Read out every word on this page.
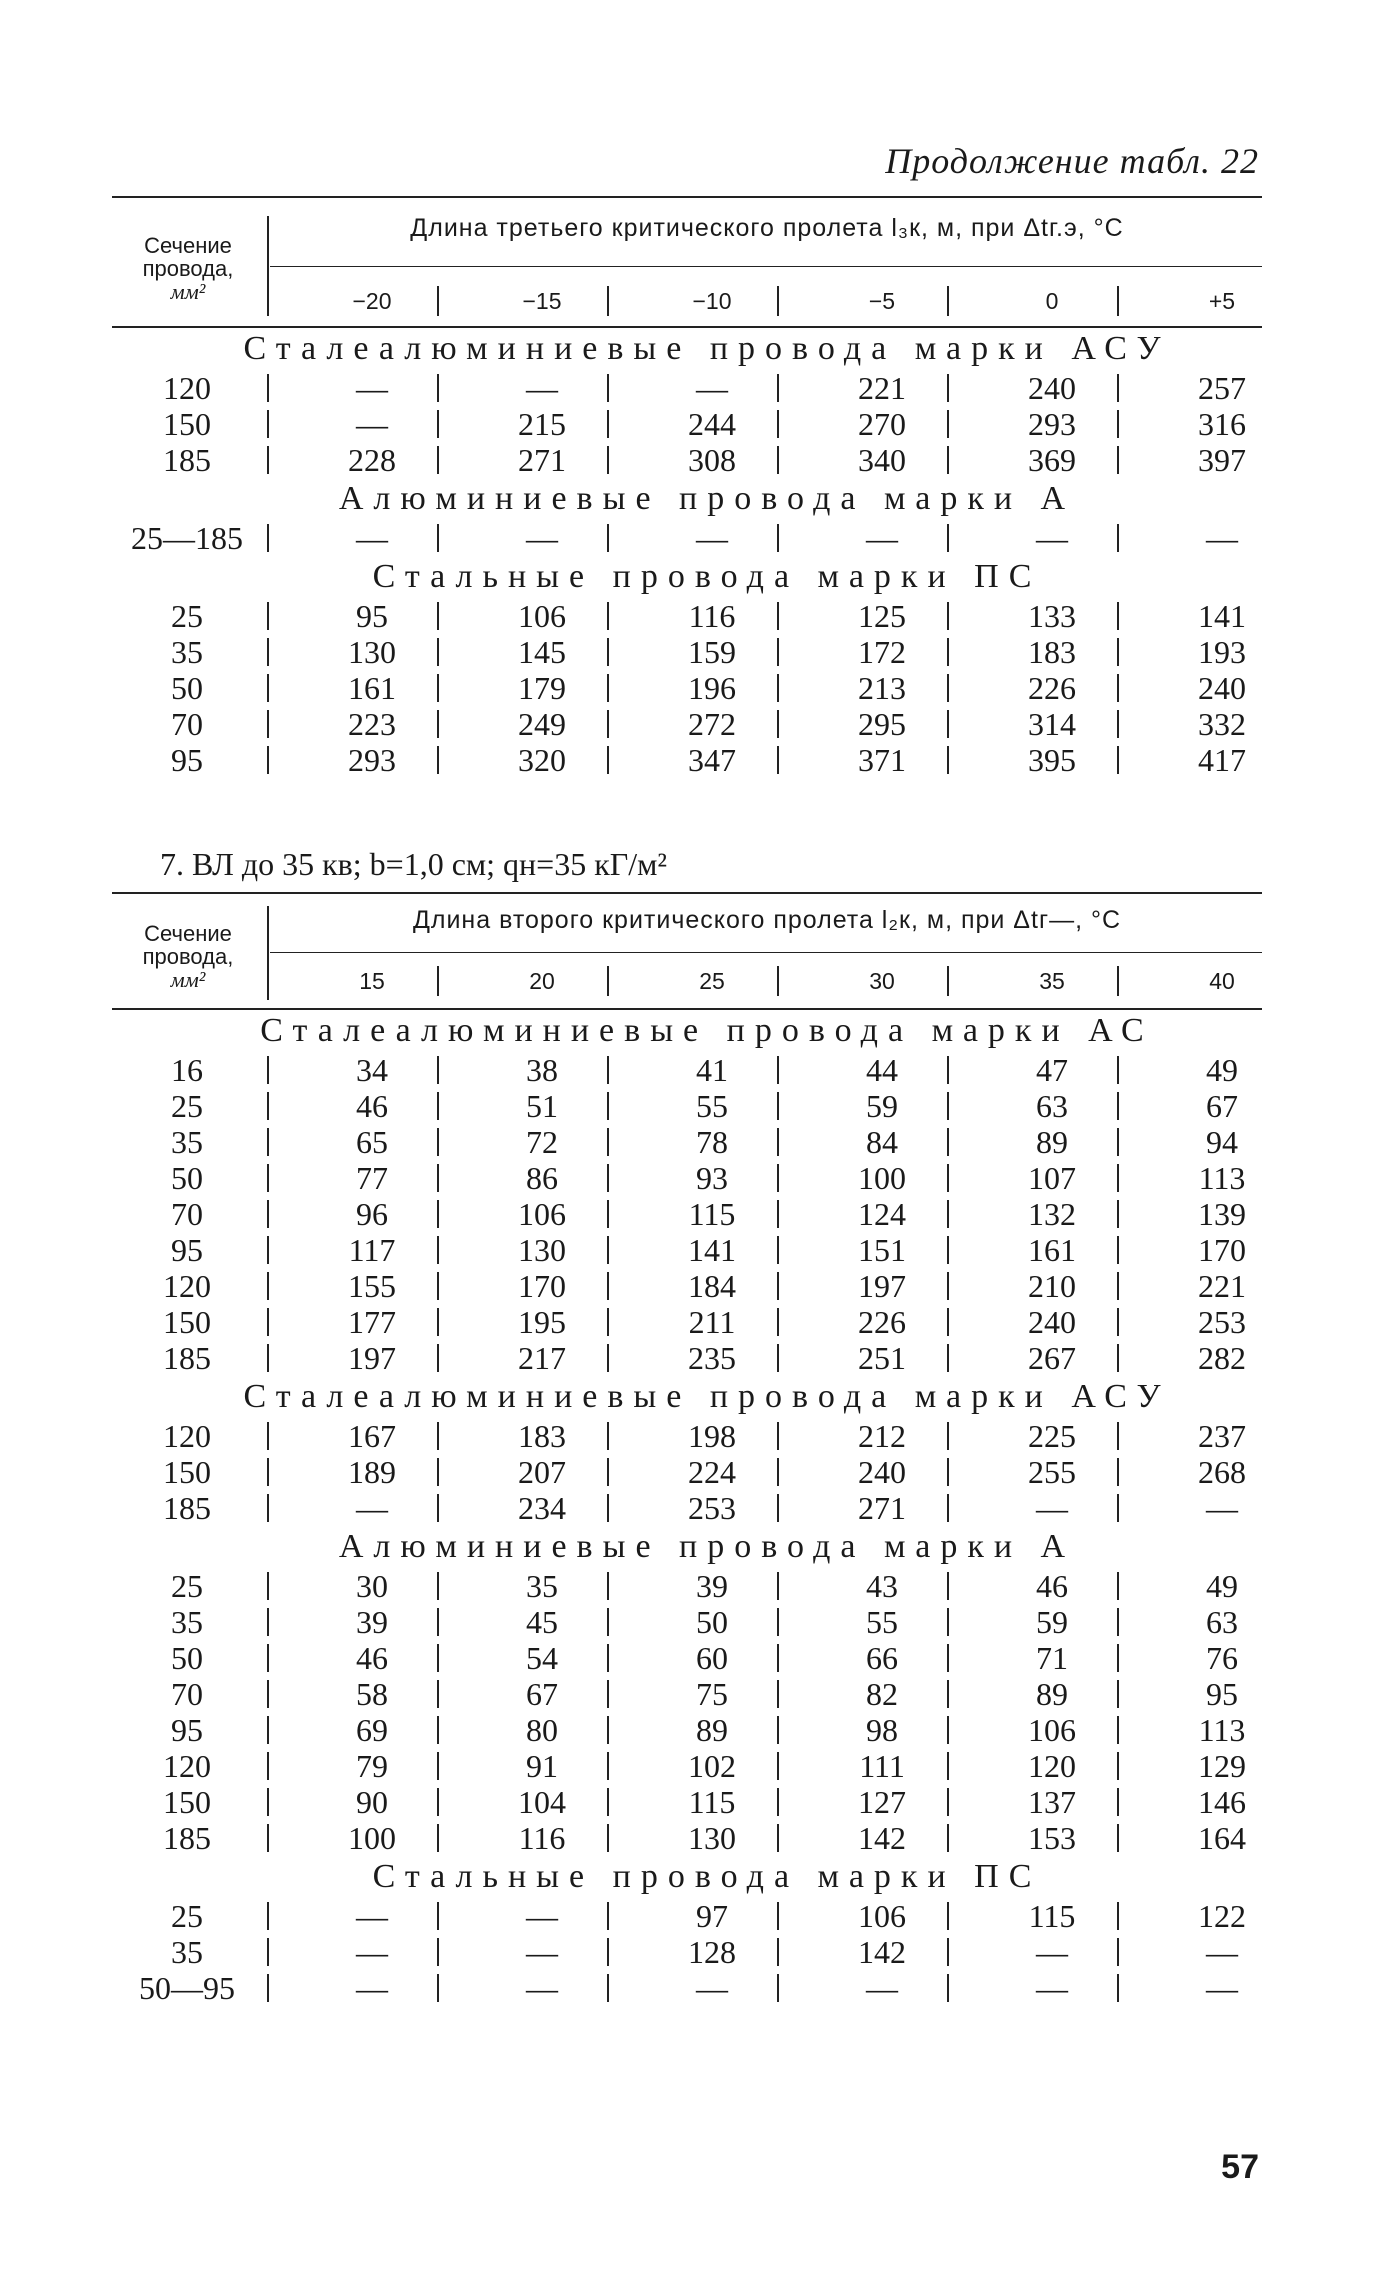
Продолжение табл. 22
Сечение
провода,
мм²
Длина третьего критического пролета l₃к, м, при Δtг.э, °С
−20	−15	−10	−5	0	+5
Сталеалюминиевые провода марки АСУ
120	—	—	—	221	240	257
150	—	215	244	270	293	316
185	228	271	308	340	369	397
Алюминиевые провода марки А
25—185	—	—	—	—	—	—
Стальные провода марки ПС
25	95	106	116	125	133	141
35	130	145	159	172	183	193
50	161	179	196	213	226	240
70	223	249	272	295	314	332
95	293	320	347	371	395	417
7. ВЛ до 35 кв; b=1,0 см; qн=35 кГ/м²
Сечение
провода,
мм²
Длина второго критического пролета l₂к, м, при Δtг—, °С
15	20	25	30	35	40
Сталеалюминиевые провода марки АС
16	34	38	41	44	47	49
25	46	51	55	59	63	67
35	65	72	78	84	89	94
50	77	86	93	100	107	113
70	96	106	115	124	132	139
95	117	130	141	151	161	170
120	155	170	184	197	210	221
150	177	195	211	226	240	253
185	197	217	235	251	267	282
Сталеалюминиевые провода марки АСУ
120	167	183	198	212	225	237
150	189	207	224	240	255	268
185	—	234	253	271	—	—
Алюминиевые провода марки А
25	30	35	39	43	46	49
35	39	45	50	55	59	63
50	46	54	60	66	71	76
70	58	67	75	82	89	95
95	69	80	89	98	106	113
120	79	91	102	111	120	129
150	90	104	115	127	137	146
185	100	116	130	142	153	164
Стальные провода марки ПС
25	—	—	97	106	115	122
35	—	—	128	142	—	—
50—95	—	—	—	—	—	—
57
